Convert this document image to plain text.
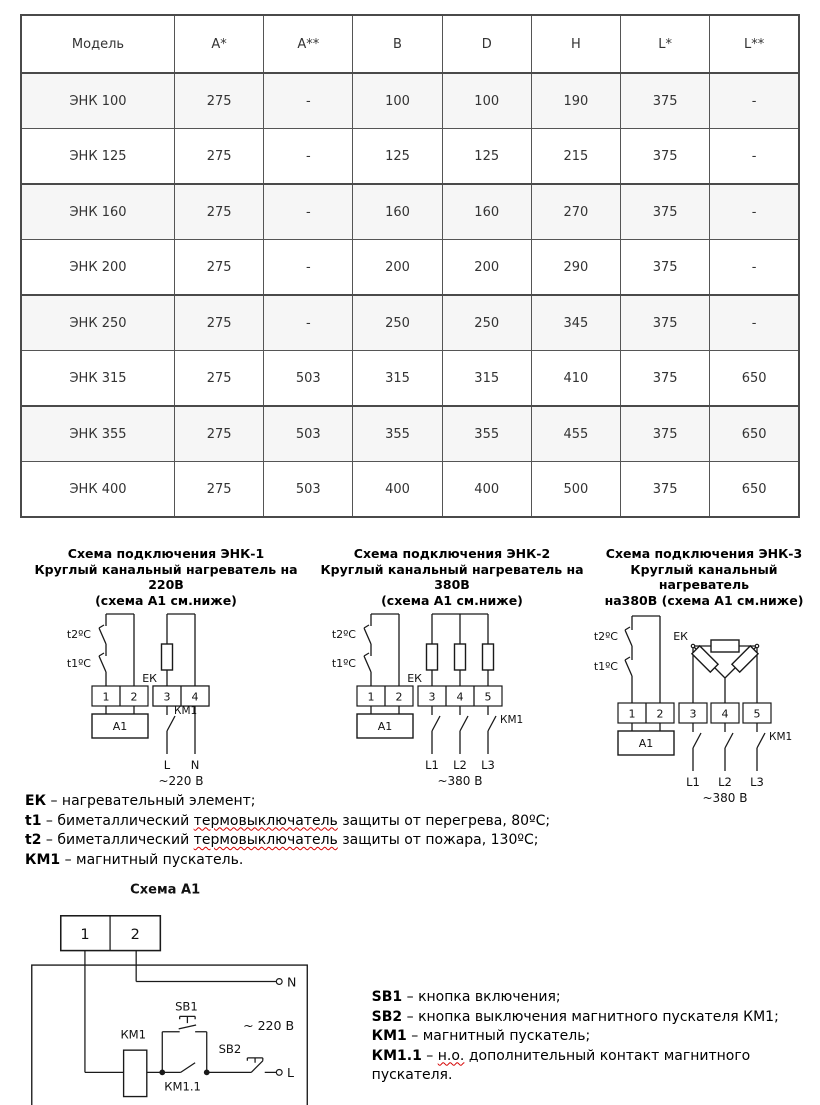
Модель	А*	А**	В	D	Н	L*	L**
ЭНК 100	275	-	100	100	190	375	-
ЭНК 125	275	-	125	125	215	375	-
ЭНК 160	275	-	160	160	270	375	-
ЭНК 200	275	-	200	200	290	375	-
ЭНК 250	275	-	250	250	345	375	-
ЭНК 315	275	503	315	315	410	375	650
ЭНК 355	275	503	355	355	455	375	650
ЭНК 400	275	503	400	400	500	375	650
Схема подключения ЭНК-1
Круглый канальный нагреватель на 220В
(схема А1 см.ниже)
t2ºC
t1ºC
ЕК
1 2 3 4
А1
КМ1
L N
~220 В
Схема подключения ЭНК-2
Круглый канальный нагреватель на 380В
(схема А1 см.ниже)
t2ºC
t1ºC
ЕК
1 2 3 4 5
А1	КМ1
L1 L2 L3
~380 В
Схема подключения ЭНК-3
Круглый канальный нагреватель
на380В (схема А1 см.ниже)
t2ºC
t1ºC
ЕК
1 2 3 4 5
А1	КМ1
L1 L2 L3
~380 В
ЕК – нагревательный элемент;
t1 – биметаллический термовыключатель защиты от перегрева, 80ºС;
t2 – биметаллический термовыключатель защиты от пожара, 130ºС;
КМ1 – магнитный пускатель.
Схема А1
1	2
N
L
КМ1
КМ1.1
SB1
SB2
~ 220 В
SB1 – кнопка включения;
SB2 – кнопка выключения магнитного пускателя КМ1;
КМ1 – магнитный пускатель;
КМ1.1 – н.о. дополнительный контакт магнитного пускателя.
